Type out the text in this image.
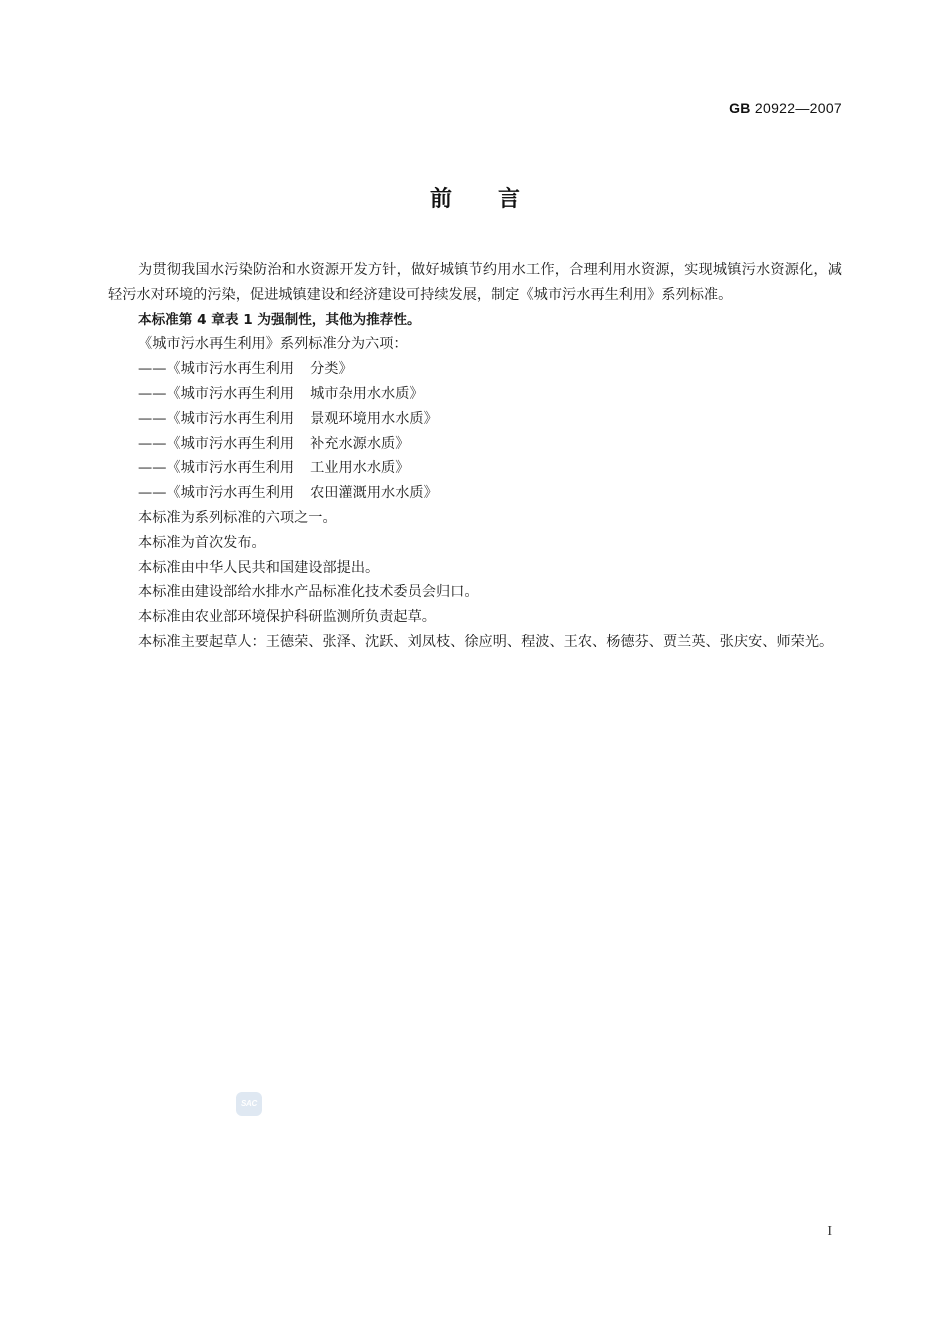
GB 20922—2007
前 言

为贯彻我国水污染防治和水资源开发方针，做好城镇节约用水工作，合理利用水资源，实现城镇污水资源化，减轻污水对环境的污染，促进城镇建设和经济建设可持续发展，制定《城市污水再生利用》系列标准。

本标准第 4 章表 1 为强制性，其他为推荐性。

《城市污水再生利用》系列标准分为六项：

——《城市污水再生利用 分类》

——《城市污水再生利用 城市杂用水水质》

——《城市污水再生利用 景观环境用水水质》

——《城市污水再生利用 补充水源水质》

——《城市污水再生利用 工业用水水质》

——《城市污水再生利用 农田灌溉用水水质》

本标准为系列标准的六项之一。

本标准为首次发布。

本标准由中华人民共和国建设部提出。

本标准由建设部给水排水产品标准化技术委员会归口。

本标准由农业部环境保护科研监测所负责起草。

本标准主要起草人：王德荣、张泽、沈跃、刘凤枝、徐应明、程波、王农、杨德芬、贾兰英、张庆安、师荣光。

SAC
I
